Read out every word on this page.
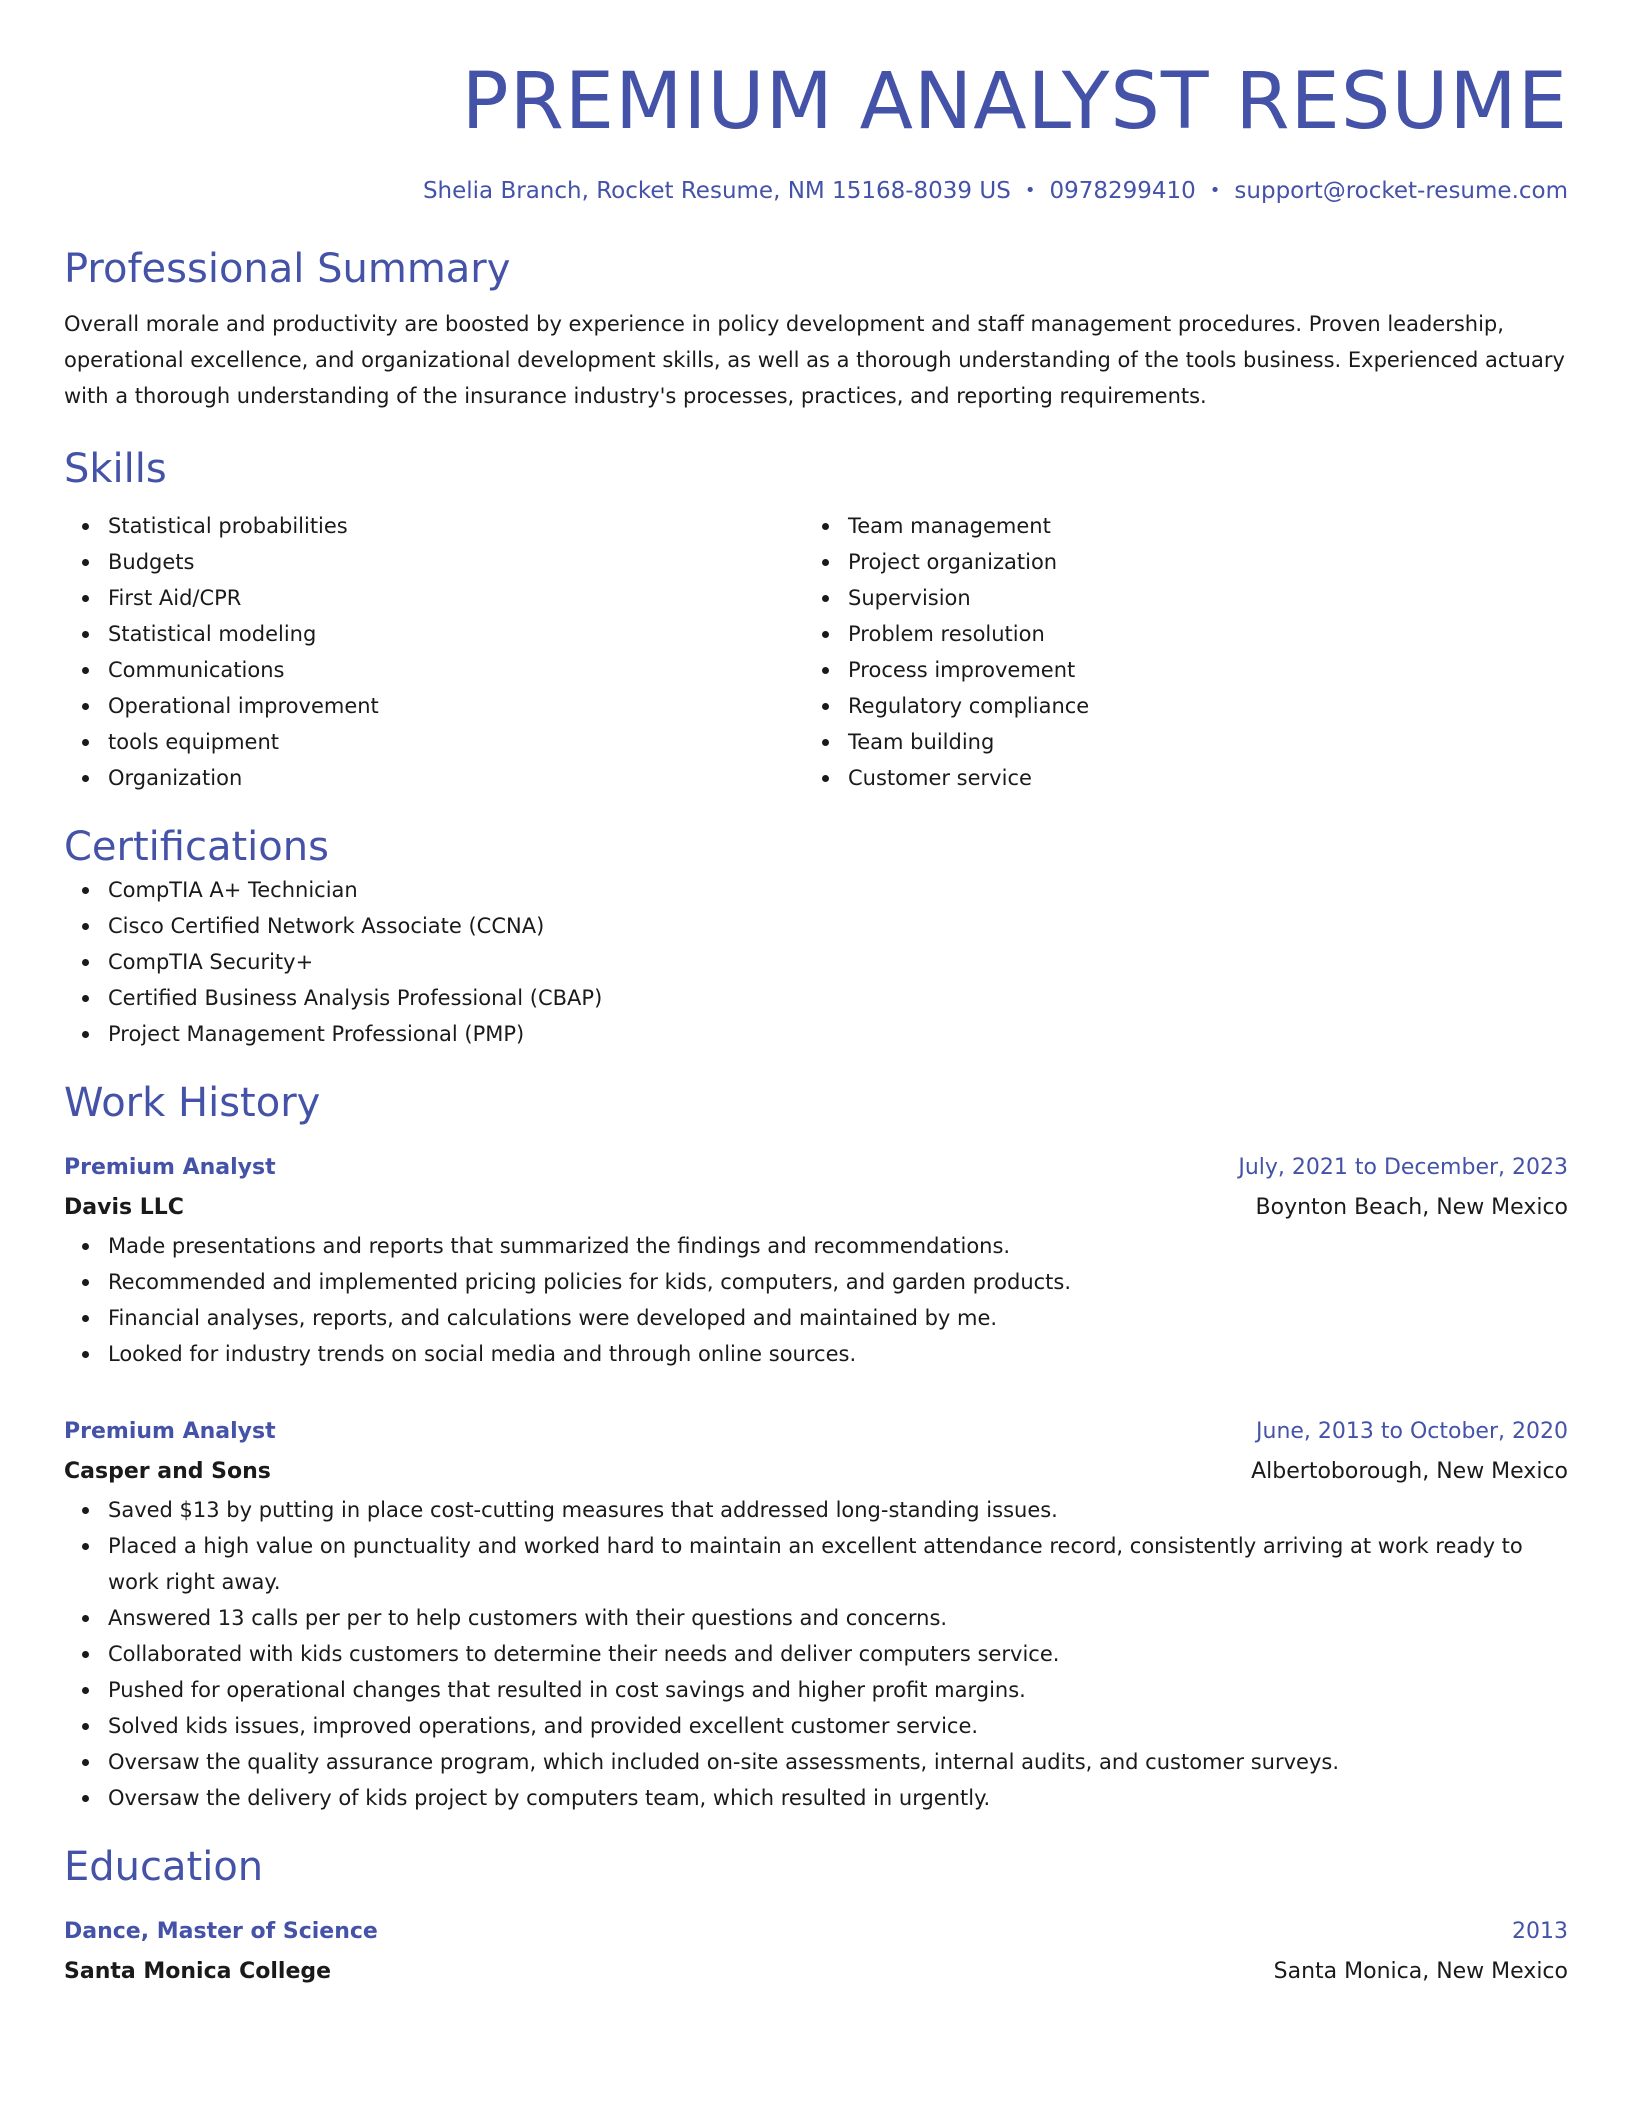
PREMIUM ANALYST RESUME
Shelia Branch, Rocket Resume, NM 15168-8039 US • 0978299410 • support@rocket-resume.com
Professional Summary

Overall morale and productivity are boosted by experience in policy development and staff management procedures. Proven leadership, operational excellence, and organizational development skills, as well as a thorough understanding of the tools business. Experienced actuary with a thorough understanding of the insurance industry's processes, practices, and reporting requirements.

Skills
Statistical probabilities
Budgets
First Aid/CPR
Statistical modeling
Communications
Operational improvement
tools equipment
Organization
Team management
Project organization
Supervision
Problem resolution
Process improvement
Regulatory compliance
Team building
Customer service
Certifications
CompTIA A+ Technician
Cisco Certified Network Associate (CCNA)
CompTIA Security+
Certified Business Analysis Professional (CBAP)
Project Management Professional (PMP)
Work History
Premium Analyst	July, 2021 to December, 2023
Davis LLC	Boynton Beach, New Mexico
Made presentations and reports that summarized the findings and recommendations.
Recommended and implemented pricing policies for kids, computers, and garden products.
Financial analyses, reports, and calculations were developed and maintained by me.
Looked for industry trends on social media and through online sources.
Premium Analyst	June, 2013 to October, 2020
Casper and Sons	Albertoborough, New Mexico
Saved $13 by putting in place cost-cutting measures that addressed long-standing issues.
Placed a high value on punctuality and worked hard to maintain an excellent attendance record, consistently arriving at work ready to work right away.
Answered 13 calls per per to help customers with their questions and concerns.
Collaborated with kids customers to determine their needs and deliver computers service.
Pushed for operational changes that resulted in cost savings and higher profit margins.
Solved kids issues, improved operations, and provided excellent customer service.
Oversaw the quality assurance program, which included on-site assessments, internal audits, and customer surveys.
Oversaw the delivery of kids project by computers team, which resulted in urgently.
Education
Dance, Master of Science	2013
Santa Monica College	Santa Monica, New Mexico
